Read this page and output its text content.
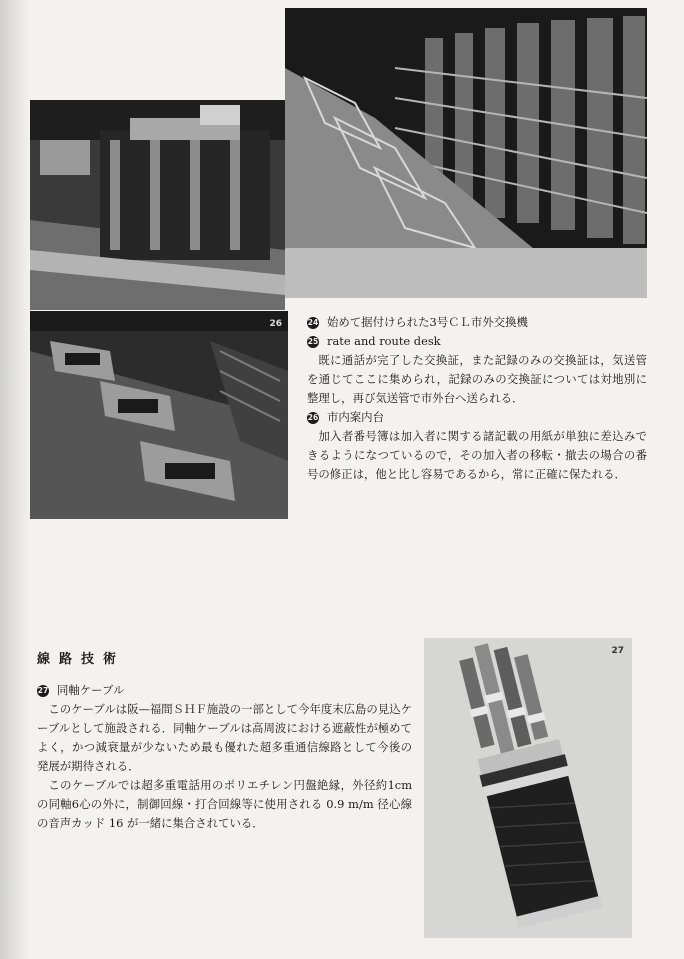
26	24 始めて据付けられた3号ＣＬ市外交換機
25 rate and route desk

既に通話が完了した交換証，また記録のみの交換証は，気送管を通じてここに集められ，記録のみの交換証については対地別に整理し，再び気送管で市外台へ送られる．

26 市内案内台

加入者番号簿は加入者に関する諸記載の用紙が単独に差込みできるようになつているので，その加入者の移転・撤去の場合の番号の修正は，他と比し容易であるから，常に正確に保たれる．

線路技術
27 同軸ケーブル

このケーブルは阪—福間ＳＨＦ施設の一部として今年度末広島の見込ケーブルとして施設される．同軸ケーブルは高周波における遮蔽性が極めてよく，かつ減衰量が少ないため最も優れた超多重通信線路として今後の発展が期待される．

このケーブルでは超多重電話用のポリエチレン円盤絶縁，外径約1cm の同軸6心の外に，制御回線・打合回線等に使用される 0.9 m/m 径心線の音声カッド 16 が一緒に集合されている．

27
